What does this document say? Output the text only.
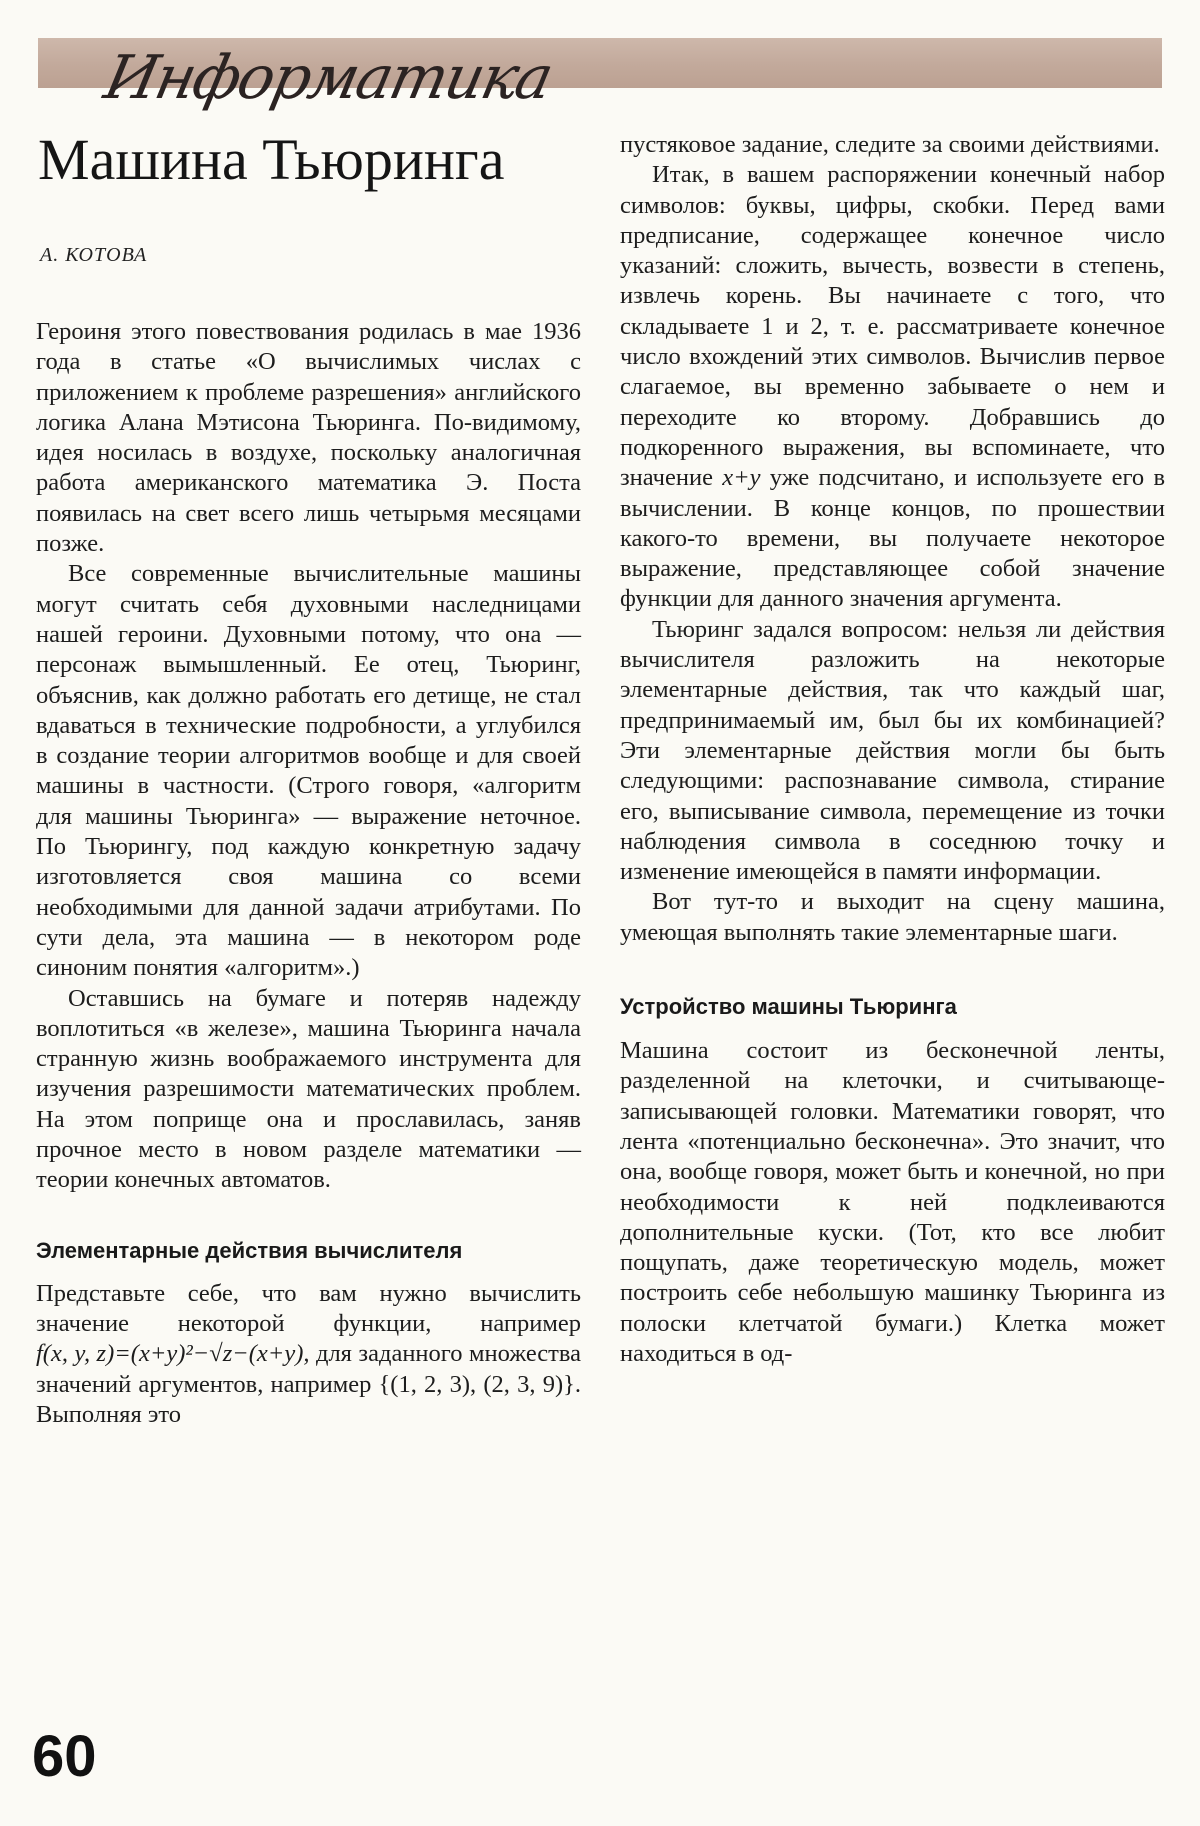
Информатика
Машина Тьюринга
А. КОТОВА

Героиня этого повествования родилась в мае 1936 года в статье «О вычислимых числах с приложением к проблеме разрешения» английского логика Алана Мэтисона Тьюринга. По-видимому, идея носилась в воздухе, поскольку аналогичная работа американского математика Э. Поста появилась на свет всего лишь четырьмя месяцами позже.

Все современные вычислительные машины могут считать себя духовными наследницами нашей героини. Духовными потому, что она — персонаж вымышленный. Ее отец, Тьюринг, объяснив, как должно работать его детище, не стал вдаваться в технические подробности, а углубился в создание теории алгоритмов вообще и для своей машины в частности. (Строго говоря, «алгоритм для машины Тьюринга» — выражение неточное. По Тьюрингу, под каждую конкретную задачу изготовляется своя машина со всеми необходимыми для данной задачи атрибутами. По сути дела, эта машина — в некотором роде синоним понятия «алгоритм».)

Оставшись на бумаге и потеряв надежду воплотиться «в железе», машина Тьюринга начала странную жизнь воображаемого инструмента для изучения разрешимости математических проблем. На этом поприще она и прославилась, заняв прочное место в новом разделе математики — теории конечных автоматов.

Элементарные действия вычислителя

Представьте себе, что вам нужно вычислить значение некоторой функции, например f(x, y, z)=(x+y)²−√z−(x+y), для заданного множества значений аргументов, например {(1, 2, 3), (2, 3, 9)}. Выполняя это

пустяковое задание, следите за своими действиями.

Итак, в вашем распоряжении конечный набор символов: буквы, цифры, скобки. Перед вами предписание, содержащее конечное число указаний: сложить, вычесть, возвести в степень, извлечь корень. Вы начинаете с того, что складываете 1 и 2, т. е. рассматриваете конечное число вхождений этих символов. Вычислив первое слагаемое, вы временно забываете о нем и переходите ко второму. Добравшись до подкоренного выражения, вы вспоминаете, что значение x+y уже подсчитано, и используете его в вычислении. В конце концов, по прошествии какого-то времени, вы получаете некоторое выражение, представляющее собой значение функции для данного значения аргумента.

Тьюринг задался вопросом: нельзя ли действия вычислителя разложить на некоторые элементарные действия, так что каждый шаг, предпринимаемый им, был бы их комбинацией? Эти элементарные действия могли бы быть следующими: распознавание символа, стирание его, выписывание символа, перемещение из точки наблюдения символа в соседнюю точку и изменение имеющейся в памяти информации.

Вот тут-то и выходит на сцену машина, умеющая выполнять такие элементарные шаги.

Устройство машины Тьюринга

Машина состоит из бесконечной ленты, разделенной на клеточки, и считывающе-записывающей головки. Математики говорят, что лента «потенциально бесконечна». Это значит, что она, вообще говоря, может быть и конечной, но при необходимости к ней подклеиваются дополнительные куски. (Тот, кто все любит пощупать, даже теоретическую модель, может построить себе небольшую машинку Тьюринга из полоски клетчатой бумаги.) Клетка может находиться в од-

60
